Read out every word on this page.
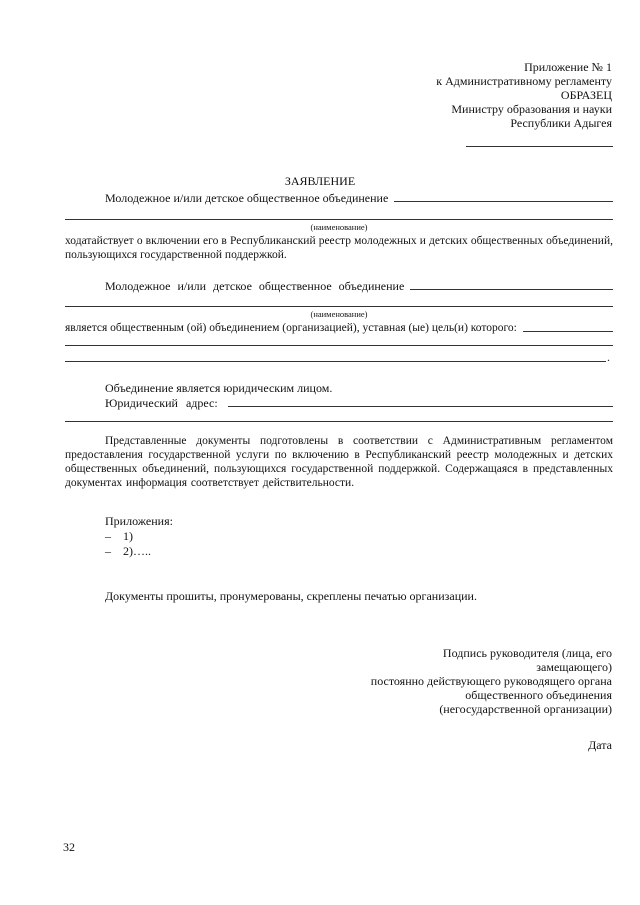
Приложение № 1
к Административному регламенту
ОБРАЗЕЦ
Министру образования и науки
Республики Адыгея
ЗАЯВЛЕНИЕ
Молодежное и/или детское общественное объединение
(наименование)
ходатайствует о включении его в Республиканский реестр молодежных и детских общественных объединений, пользующихся государственной поддержкой.
Молодежное и/или детское общественное объединение
(наименование)
является общественным (ой) объединением (организацией), уставная (ые) цель(и) которого:
.
Объединение является юридическим лицом.
Юридический адрес:
Представленные документы подготовлены в соответствии с Административным регламентом предоставления государственной услуги по включению в Республиканский реестр молодежных и детских общественных объединений, пользующихся государственной поддержкой. Содержащаяся в представленных документах информация соответствует действительности.
Приложения:
– 1)
– 2)…..
Документы прошиты, пронумерованы, скреплены печатью организации.
Подпись руководителя (лица, его
замещающего)
постоянно действующего руководящего органа
общественного объединения
(негосударственной организации)
Дата
32
